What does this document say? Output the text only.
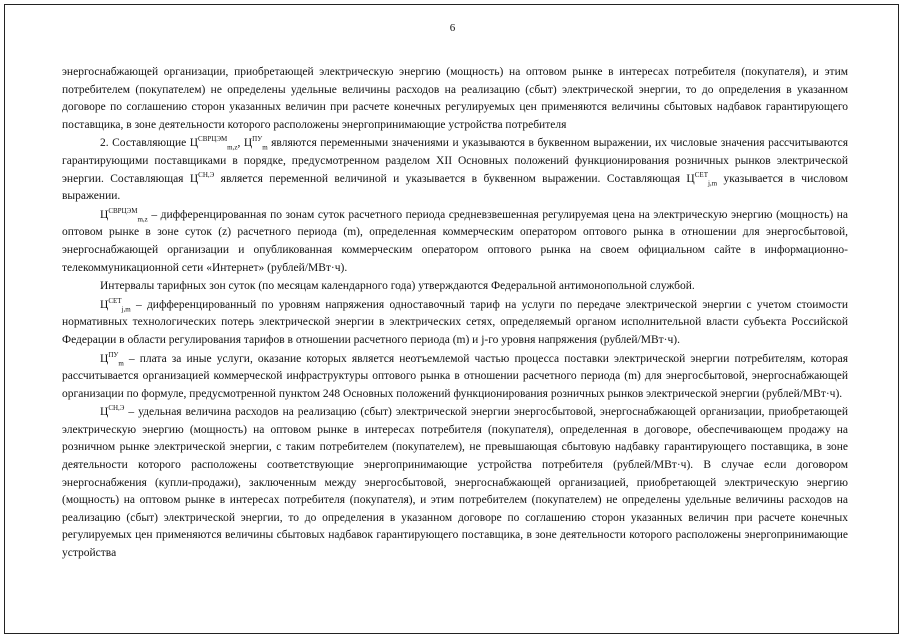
6

энергоснабжающей организации, приобретающей электрическую энергию (мощность) на оптовом рынке в интересах потребителя (покупателя), и этим потребителем (покупателем) не определены удельные величины расходов на реализацию (сбыт) электрической энергии, то до определения в указанном договоре по соглашению сторон указанных величин при расчете конечных регулируемых цен применяются величины сбытовых надбавок гарантирующего поставщика, в зоне деятельности которого расположены энергопринимающие устройства потребителя

2. Составляющие $Ц^{СВРЦЭМ}_{m,z}$, $Ц^{ПУ}_m$ являются переменными значениями и указываются в буквенном выражении, их числовые значения рассчитываются гарантирующими поставщиками в порядке, предусмотренном разделом XII Основных положений функционирования розничных рынков электрической энергии. Составляющая $Ц^{СН,Э}$ является переменной величиной и указывается в буквенном выражении. Составляющая $Ц^{СЕТ}_{j,m}$ указывается в числовом выражении.

$Ц^{СВРЦЭМ}_{m,z}$ – дифференцированная по зонам суток расчетного периода средневзвешенная регулируемая цена на электрическую энергию (мощность) на оптовом рынке в зоне суток (z) расчетного периода (m), определенная коммерческим оператором оптового рынка в отношении для энергосбытовой, энергоснабжающей организации и опубликованная коммерческим оператором оптового рынка на своем официальном сайте в информационно-телекоммуникационной сети «Интернет» (рублей/МВт·ч).

Интервалы тарифных зон суток (по месяцам календарного года) утверждаются Федеральной антимонопольной службой.

$Ц^{СЕТ}_{j,m}$ – дифференцированный по уровням напряжения одноставочный тариф на услуги по передаче электрической энергии с учетом стоимости нормативных технологических потерь электрической энергии в электрических сетях, определяемый органом исполнительной власти субъекта Российской Федерации в области регулирования тарифов в отношении расчетного периода (m) и j-го уровня напряжения (рублей/МВт·ч).

$Ц^{ПУ}_m$ – плата за иные услуги, оказание которых является неотъемлемой частью процесса поставки электрической энергии потребителям, которая рассчитывается организацией коммерческой инфраструктуры оптового рынка в отношении расчетного периода (m) для энергосбытовой, энергоснабжающей организации по формуле, предусмотренной пунктом 248 Основных положений функционирования розничных рынков электрической энергии (рублей/МВт·ч).

$Ц^{СН,Э}$ – удельная величина расходов на реализацию (сбыт) электрической энергии энергосбытовой, энергоснабжающей организации, приобретающей электрическую энергию (мощность) на оптовом рынке в интересах потребителя (покупателя), определенная в договоре, обеспечивающем продажу на розничном рынке электрической энергии, с таким потребителем (покупателем), не превышающая сбытовую надбавку гарантирующего поставщика, в зоне деятельности которого расположены соответствующие энергопринимающие устройства потребителя (рублей/МВт·ч). В случае если договором энергоснабжения (купли-продажи), заключенным между энергосбытовой, энергоснабжающей организацией, приобретающей электрическую энергию (мощность) на оптовом рынке в интересах потребителя (покупателя), и этим потребителем (покупателем) не определены удельные величины расходов на реализацию (сбыт) электрической энергии, то до определения в указанном договоре по соглашению сторон указанных величин при расчете конечных регулируемых цен применяются величины сбытовых надбавок гарантирующего поставщика, в зоне деятельности которого расположены энергопринимающие устройства
